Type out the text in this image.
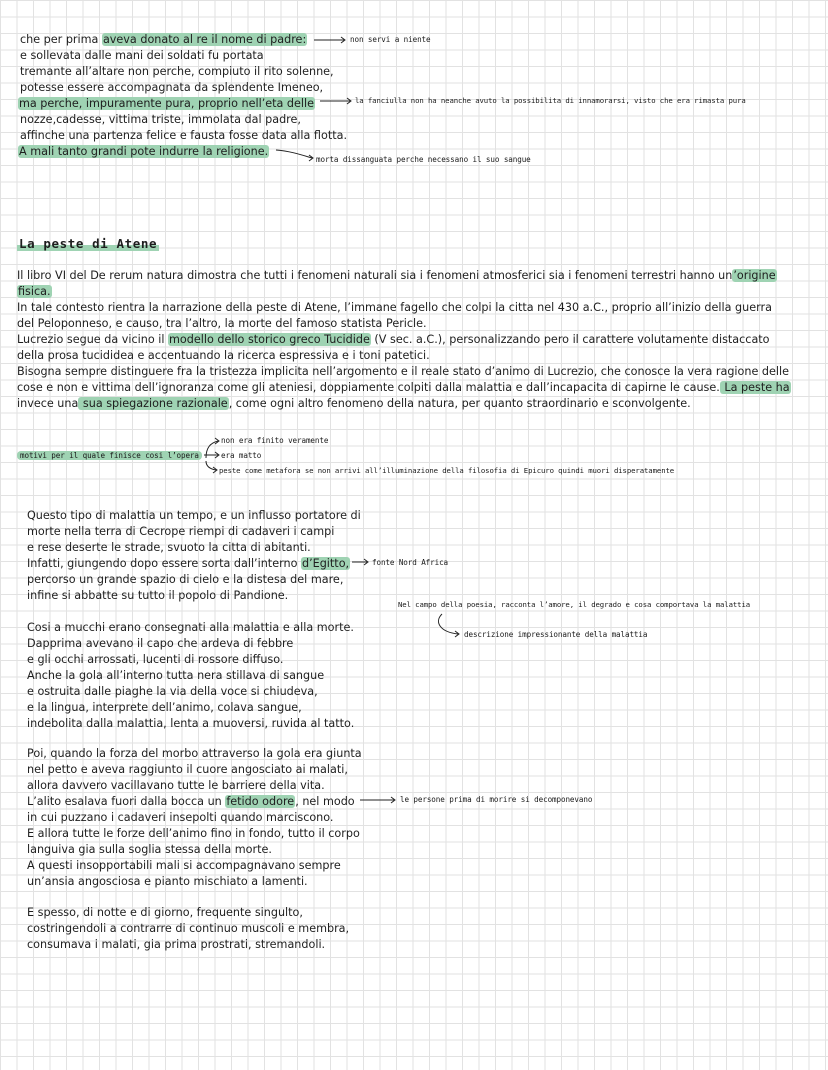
che per prima aveva donato al re il nome di padre:
e sollevata dalle mani dei soldati fu portata
tremante all’altare non perche, compiuto il rito solenne,
potesse essere accompagnata da splendente Imeneo,
ma perche, impuramente pura, proprio nell’eta delle
nozze,cadesse, vittima triste, immolata dal padre,
affinche una partenza felice e fausta fosse data alla flotta.
A mali tanto grandi pote indurre la religione.
non servi a niente
la fanciulla non ha neanche avuto la possibilita di innamorarsi, visto che era rimasta pura
morta dissanguata perche necessano il suo sangue
La peste di Atene
Il libro VI del De rerum natura dimostra che tutti i fenomeni naturali sia i fenomeni atmosferici sia i fenomeni terrestri hanno un’origine
fisica.
In tale contesto rientra la narrazione della peste di Atene, l’immane fagello che colpi la citta nel 430 a.C., proprio all’inizio della guerra
del Peloponneso, e causo, tra l’altro, la morte del famoso statista Pericle.
Lucrezio segue da vicino il modello dello storico greco Tucidide (V sec. a.C.), personalizzando pero il carattere volutamente distaccato
della prosa tucididea e accentuando la ricerca espressiva e i toni patetici.
Bisogna sempre distinguere fra la tristezza implicita nell’argomento e il reale stato d’animo di Lucrezio, che conosce la vera ragione delle
cose e non e vittima dell’ignoranza come gli ateniesi, doppiamente colpiti dalla malattia e dall’incapacita di capirne le cause. La peste ha
invece una sua spiegazione razionale, come ogni altro fenomeno della natura, per quanto straordinario e sconvolgente.
motivi per il quale finisce cosi l’opera
non era finito veramente
era matto
peste come metafora se non arrivi all’illuminazione della filosofia di Epicuro quindi muori disperatamente
Questo tipo di malattia un tempo, e un influsso portatore di
morte nella terra di Cecrope riempi di cadaveri i campi
e rese deserte le strade, svuoto la citta di abitanti.
Infatti, giungendo dopo essere sorta dall’interno d’Egitto,
percorso un grande spazio di cielo e la distesa del mare,
infine si abbatte su tutto il popolo di Pandione.
Cosi a mucchi erano consegnati alla malattia e alla morte.
Dapprima avevano il capo che ardeva di febbre
e gli occhi arrossati, lucenti di rossore diffuso.
Anche la gola all’interno tutta nera stillava di sangue
e ostruita dalle piaghe la via della voce si chiudeva,
e la lingua, interprete dell’animo, colava sangue,
indebolita dalla malattia, lenta a muoversi, ruvida al tatto.
Poi, quando la forza del morbo attraverso la gola era giunta
nel petto e aveva raggiunto il cuore angosciato ai malati,
allora davvero vacillavano tutte le barriere della vita.
L’alito esalava fuori dalla bocca un fetido odore, nel modo
in cui puzzano i cadaveri insepolti quando marciscono.
E allora tutte le forze dell’animo fino in fondo, tutto il corpo
languiva gia sulla soglia stessa della morte.
A questi insopportabili mali si accompagnavano sempre
un’ansia angosciosa e pianto mischiato a lamenti.
E spesso, di notte e di giorno, frequente singulto,
costringendoli a contrarre di continuo muscoli e membra,
consumava i malati, gia prima prostrati, stremandoli.
fonte Nord Africa
Nel campo della poesia, racconta l’amore, il degrado e cosa comportava la malattia
descrizione impressionante della malattia
le persone prima di morire si decomponevano
